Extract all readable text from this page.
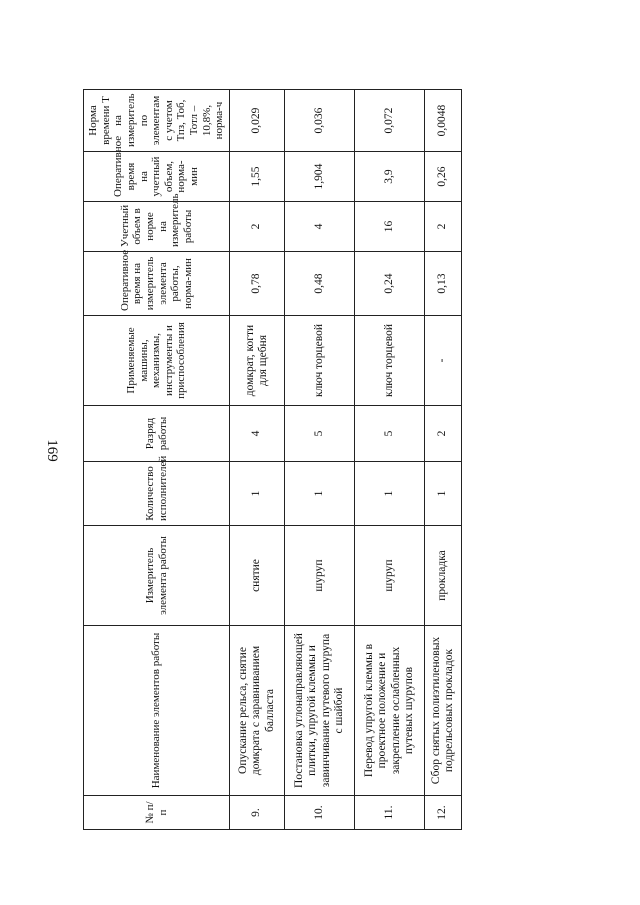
169
№ п/п	Наименование элементов работы	Измеритель элемента работы	Количество исполнителей	Разряд работы	Применяемые машины, механизмы, инструменты и приспособления	Оперативное время на измеритель элемента работы, норма-мин	Учетный объем в норме на измеритель работы	Оперативное время на учетный объем, норма-мин	Норма времени Т на измеритель по элементам с учетом Тпз, Тоб, Тотл – 10,8%, норма-ч
9.	Опускание рельса, снятие домкрата с заравниванием балласта	снятие	1	4	домкрат, когти для щебня	0,78	2	1,55	0,029
10.	Постановка углонаправляющей плитки, упругой клеммы и завинчивание путевого шурупа с шайбой	шуруп	1	5	ключ торцевой	0,48	4	1,904	0,036
11.	Перевод упругой клеммы в проектное положение и закрепление ослабленных путевых шурупов	шуруп	1	5	ключ торцевой	0,24	16	3,9	0,072
12.	Сбор снятых полиэтиленовых подрельсовых прокладок	прокладка	1	2	-	0,13	2	0,26	0,0048
